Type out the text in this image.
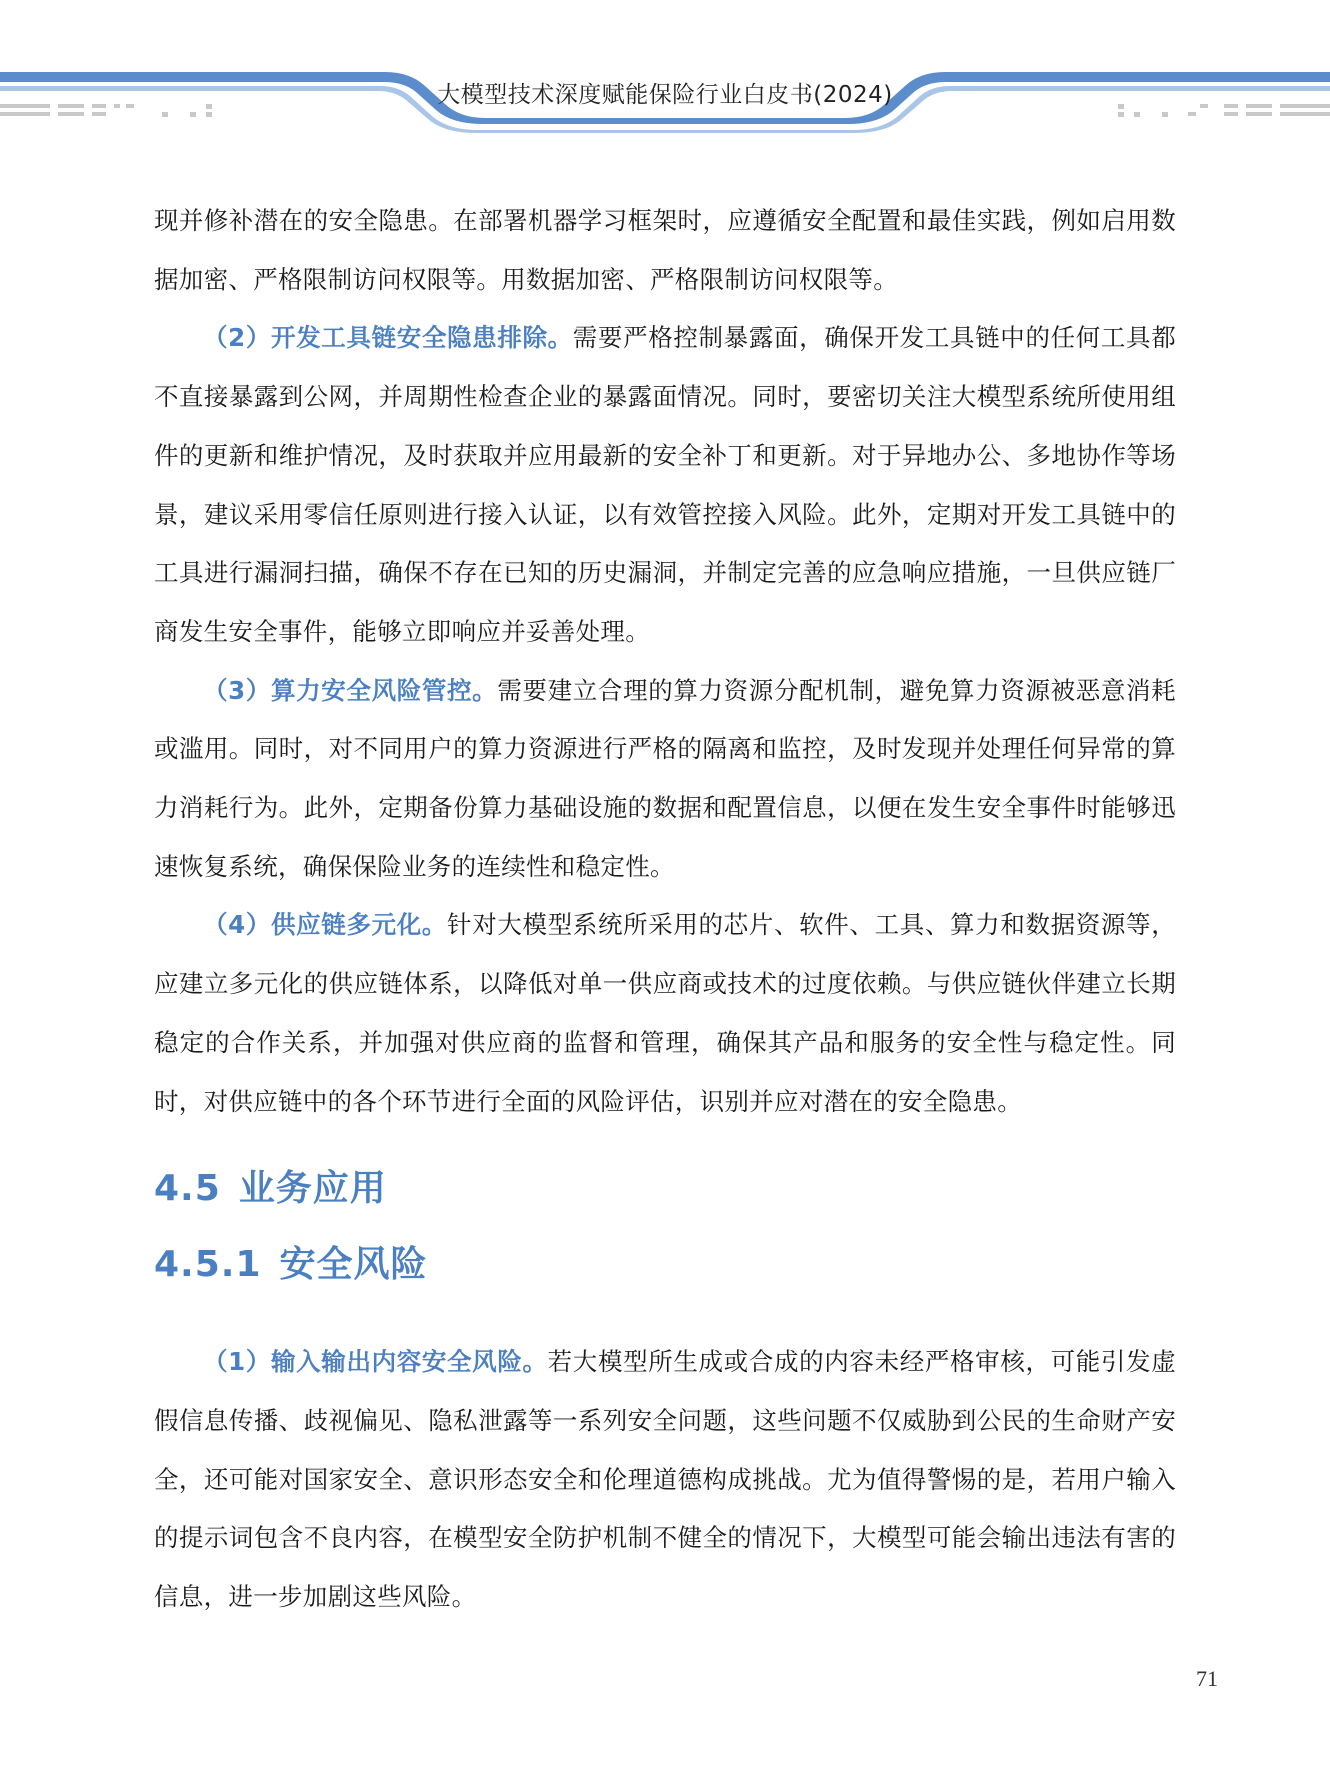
大模型技术深度赋能保险行业白皮书(2024)

现并修补潜在的安全隐患。在部署机器学习框架时，应遵循安全配置和最佳实践，例如启用数据加密、严格限制访问权限等。用数据加密、严格限制访问权限等。

（2）开发工具链安全隐患排除。需要严格控制暴露面，确保开发工具链中的任何工具都不直接暴露到公网，并周期性检查企业的暴露面情况。同时，要密切关注大模型系统所使用组件的更新和维护情况，及时获取并应用最新的安全补丁和更新。对于异地办公、多地协作等场景，建议采用零信任原则进行接入认证，以有效管控接入风险。此外，定期对开发工具链中的工具进行漏洞扫描，确保不存在已知的历史漏洞，并制定完善的应急响应措施，一旦供应链厂商发生安全事件，能够立即响应并妥善处理。

（3）算力安全风险管控。需要建立合理的算力资源分配机制，避免算力资源被恶意消耗或滥用。同时，对不同用户的算力资源进行严格的隔离和监控，及时发现并处理任何异常的算力消耗行为。此外，定期备份算力基础设施的数据和配置信息，以便在发生安全事件时能够迅速恢复系统，确保保险业务的连续性和稳定性。

（4）供应链多元化。针对大模型系统所采用的芯片、软件、工具、算力和数据资源等，应建立多元化的供应链体系，以降低对单一供应商或技术的过度依赖。与供应链伙伴建立长期稳定的合作关系，并加强对供应商的监督和管理，确保其产品和服务的安全性与稳定性。同时，对供应链中的各个环节进行全面的风险评估，识别并应对潜在的安全隐患。

4.5 业务应用
4.5.1 安全风险

（1）输入输出内容安全风险。若大模型所生成或合成的内容未经严格审核，可能引发虚假信息传播、歧视偏见、隐私泄露等一系列安全问题，这些问题不仅威胁到公民的生命财产安全，还可能对国家安全、意识形态安全和伦理道德构成挑战。尤为值得警惕的是，若用户输入的提示词包含不良内容，在模型安全防护机制不健全的情况下，大模型可能会输出违法有害的信息，进一步加剧这些风险。

71
